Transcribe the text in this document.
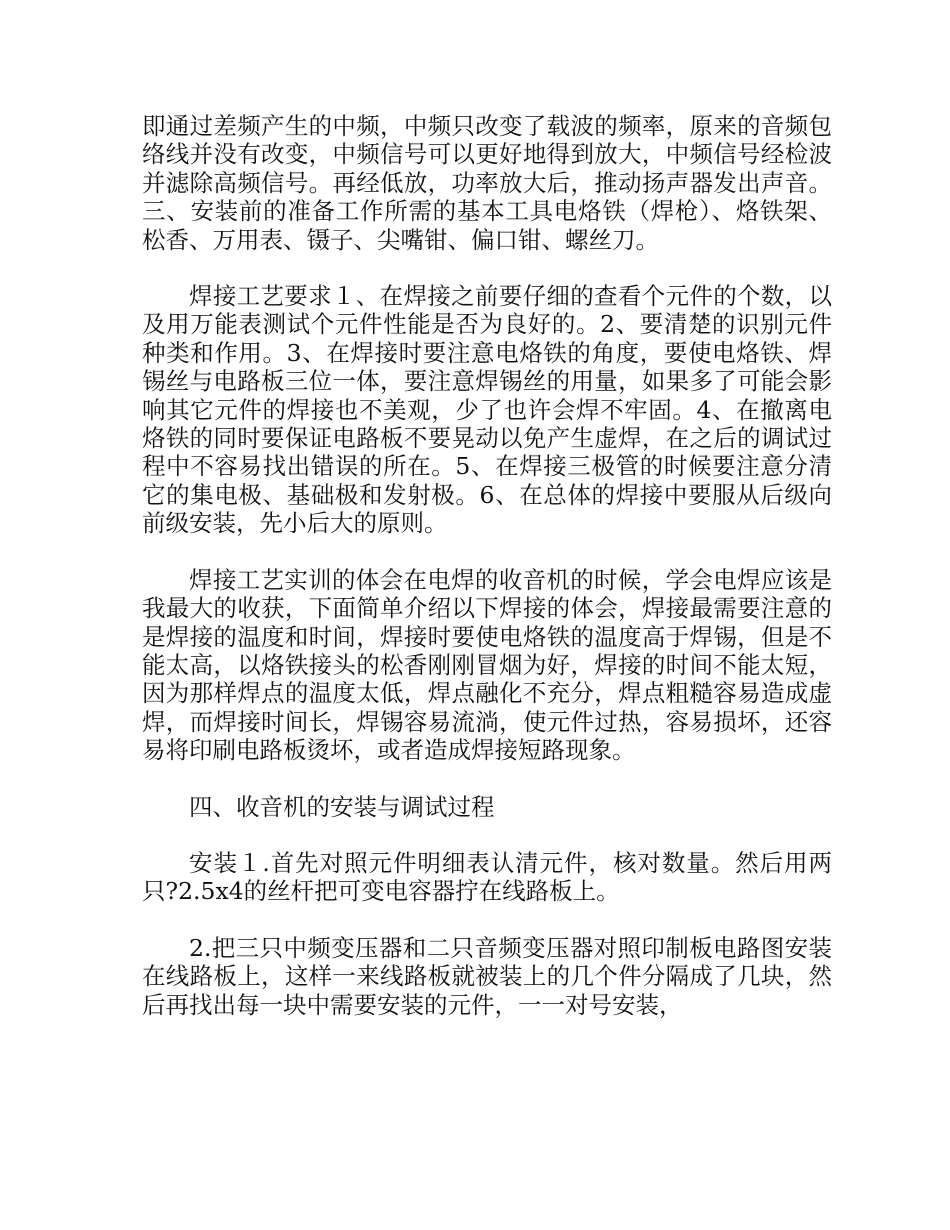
即通过差频产生的中频，中频只改变了载波的频率，原来的音频包络线并没有改变，中频信号可以更好地得到放大，中频信号经检波并滤除高频信号。再经低放，功率放大后，推动扬声器发出声音。三、安装前的准备工作所需的基本工具电烙铁（焊枪）、烙铁架、松香、万用表、镊子、尖嘴钳、偏口钳、螺丝刀。

焊接工艺要求１、在焊接之前要仔细的查看个元件的个数，以及用万能表测试个元件性能是否为良好的。2、要清楚的识别元件种类和作用。3、在焊接时要注意电烙铁的角度，要使电烙铁、焊锡丝与电路板三位一体，要注意焊锡丝的用量，如果多了可能会影响其它元件的焊接也不美观，少了也许会焊不牢固。4、在撤离电烙铁的同时要保证电路板不要晃动以免产生虚焊，在之后的调试过程中不容易找出错误的所在。5、在焊接三极管的时候要注意分清它的集电极、基础极和发射极。6、在总体的焊接中要服从后级向前级安装，先小后大的原则。

焊接工艺实训的体会在电焊的收音机的时候，学会电焊应该是我最大的收获，下面简单介绍以下焊接的体会，焊接最需要注意的是焊接的温度和时间，焊接时要使电烙铁的温度高于焊锡，但是不能太高，以烙铁接头的松香刚刚冒烟为好，焊接的时间不能太短，因为那样焊点的温度太低，焊点融化不充分，焊点粗糙容易造成虚焊，而焊接时间长，焊锡容易流淌，使元件过热，容易损坏，还容易将印刷电路板烫坏，或者造成焊接短路现象。

四、收音机的安装与调试过程

安装１.首先对照元件明细表认清元件，核对数量。然后用两只?2.5x4的丝杆把可变电容器拧在线路板上。

2.把三只中频变压器和二只音频变压器对照印制板电路图安装在线路板上，这样一来线路板就被装上的几个件分隔成了几块，然后再找出每一块中需要安装的元件，一一对号安装，
